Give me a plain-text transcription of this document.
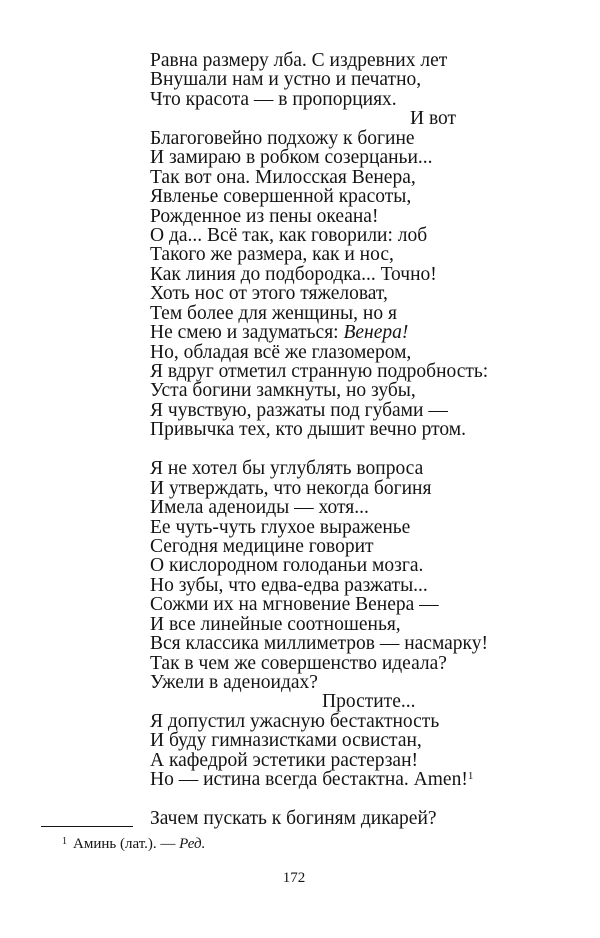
Равна размеру лба. С издревних лет
Внушали нам и устно и печатно,
Что красота — в пропорциях.
И вот
Благоговейно подхожу к богине
И замираю в робком созерцаньи...
Так вот она. Милосская Венера,
Явленье совершенной красоты,
Рожденное из пены океана!
О да... Всё так, как говорили: лоб
Такого же размера, как и нос,
Как линия до подбородка... Точно!
Хоть нос от этого тяжеловат,
Тем более для женщины, но я
Не смею и задуматься: Венера!
Но, обладая всё же глазомером,
Я вдруг отметил странную подробность:
Уста богини замкнуты, но зубы,
Я чувствую, разжаты под губами —
Привычка тех, кто дышит вечно ртом.
Я не хотел бы углублять вопроса
И утверждать, что некогда богиня
Имела аденоиды — хотя...
Ее чуть-чуть глухое выраженье
Сегодня медицине говорит
О кислородном голоданьи мозга.
Но зубы, что едва-едва разжаты...
Сожми их на мгновение Венера —
И все линейные соотношенья,
Вся классика миллиметров — насмарку!
Так в чем же совершенство идеала?
Ужели в аденоидах?
Простите...
Я допустил ужасную бестактность
И буду гимназистками освистан,
А кафедрой эстетики растерзан!
Но — истина всегда бестактна. Amen!$^1$
Зачем пускать к богиням дикарей?
$^1$ Аминь (лат.). — Ред.
172
